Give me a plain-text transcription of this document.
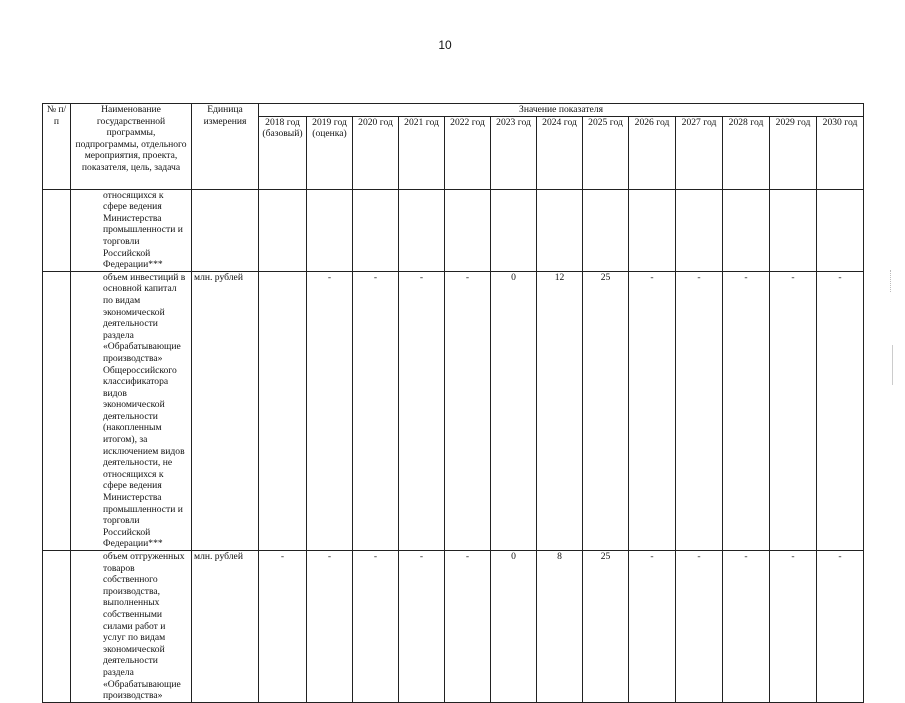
10
№ п/п	Наименование государственной программы, подпрограммы, отдельного мероприятия, проекта, показателя, цель, задача	Единица измерения	Значение показателя												
			2018 год (базовый)	2019 год (оценка)	2020 год	2021 год	2022 год	2023 год	2024 год	2025 год	2026 год	2027 год	2028 год	2029 год	2030 год
	относящихся к сфере ведения Министерства промышленности и торговли Российской Федерации***														
	объем инвестиций в основной капитал по видам экономической деятельности раздела «Обрабатывающие производства» Общероссийского классификатора видов экономической деятельности (накопленным итогом), за исключением видов деятельности, не относящихся к сфере ведения Министерства промышленности и торговли Российской Федерации***	млн. рублей		-	-	-	-	0	12	25	-	-	-	-	-
	объем отгруженных товаров собственного производства, выполненных собственными силами работ и услуг по видам экономической деятельности раздела «Обрабатывающие производства»	млн. рублей	-	-	-	-	-	0	8	25	-	-	-	-	-
